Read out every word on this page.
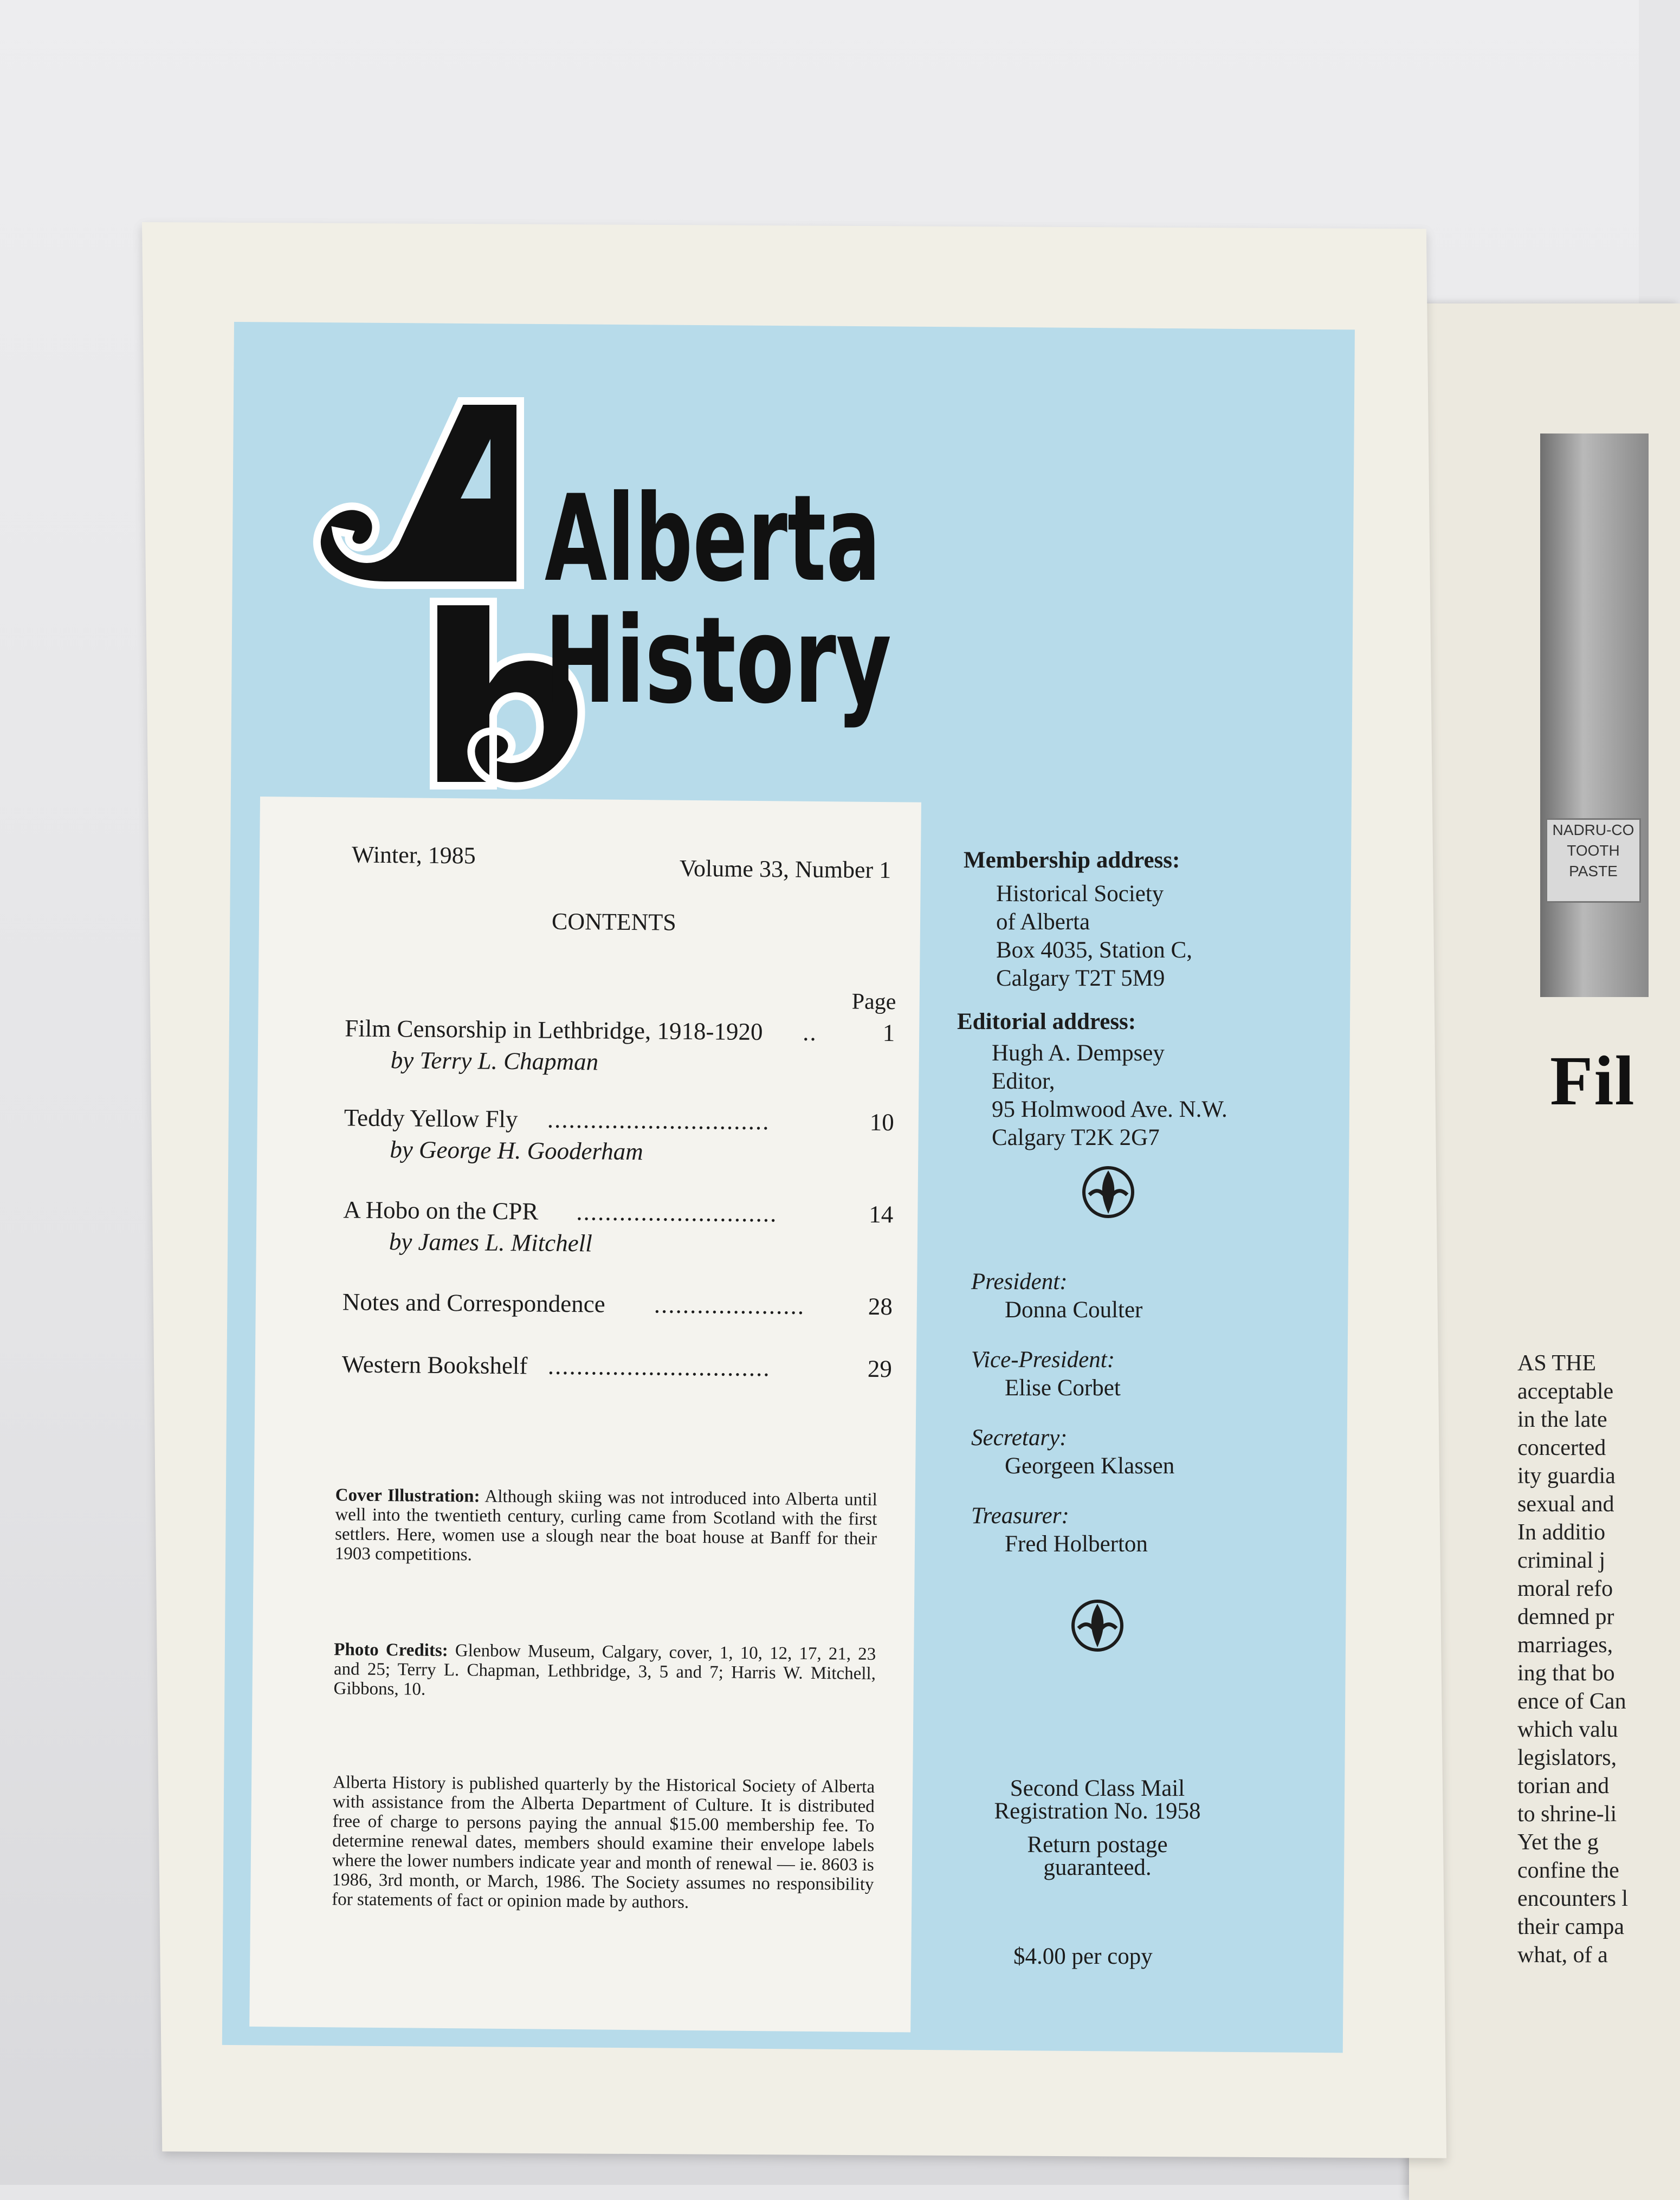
NADRU-CO
TOOTH
PASTE
Fil
AS THE
acceptable
in the late
concerted
ity guardia
sexual and
In additio
criminal j
moral refo
demned pr
marriages,
ing that bo
ence of Can
which valu
legislators,
torian and
to shrine-li
Yet the g
confine the
encounters l
their campa
what, of a
Alberta
History
Winter, 1985	Volume 33, Number 1
CONTENTS
Page
Film Censorship in Lethbridge, 1918-1920 ..	1
by Terry L. Chapman
Teddy Yellow Fly ...............................	10
by George H. Gooderham
A Hobo on the CPR ............................	14
by James L. Mitchell
Notes and Correspondence .....................	28
Western Bookshelf ...............................	29
Cover Illustration: Although skiing was not introduced into Alberta until well into the twentieth century, curling came from Scotland with the first settlers. Here, women use a slough near the boat house at Banff for their 1903 competitions.
Photo Credits: Glenbow Museum, Calgary, cover, 1, 10, 12, 17, 21, 23 and 25; Terry L. Chapman, Lethbridge, 3, 5 and 7; Harris W. Mitchell, Gibbons, 10.
Alberta History is published quarterly by the Historical Society of Alberta with assistance from the Alberta Department of Culture. It is distributed free of charge to persons paying the annual $15.00 membership fee. To determine renewal dates, members should examine their envelope labels where the lower numbers indicate year and month of renewal — ie. 8603 is 1986, 3rd month, or March, 1986. The Society assumes no responsibility for statements of fact or opinion made by authors.
Membership address:
Historical Society
of Alberta
Box 4035, Station C,
Calgary T2T 5M9
Editorial address:
Hugh A. Dempsey
Editor,
95 Holmwood Ave. N.W.
Calgary T2K 2G7
President:
Donna Coulter
Vice-President:
Elise Corbet
Secretary:
Georgeen Klassen
Treasurer:
Fred Holberton
Second Class Mail
Registration No. 1958
Return postage
guaranteed.
$4.00 per copy
